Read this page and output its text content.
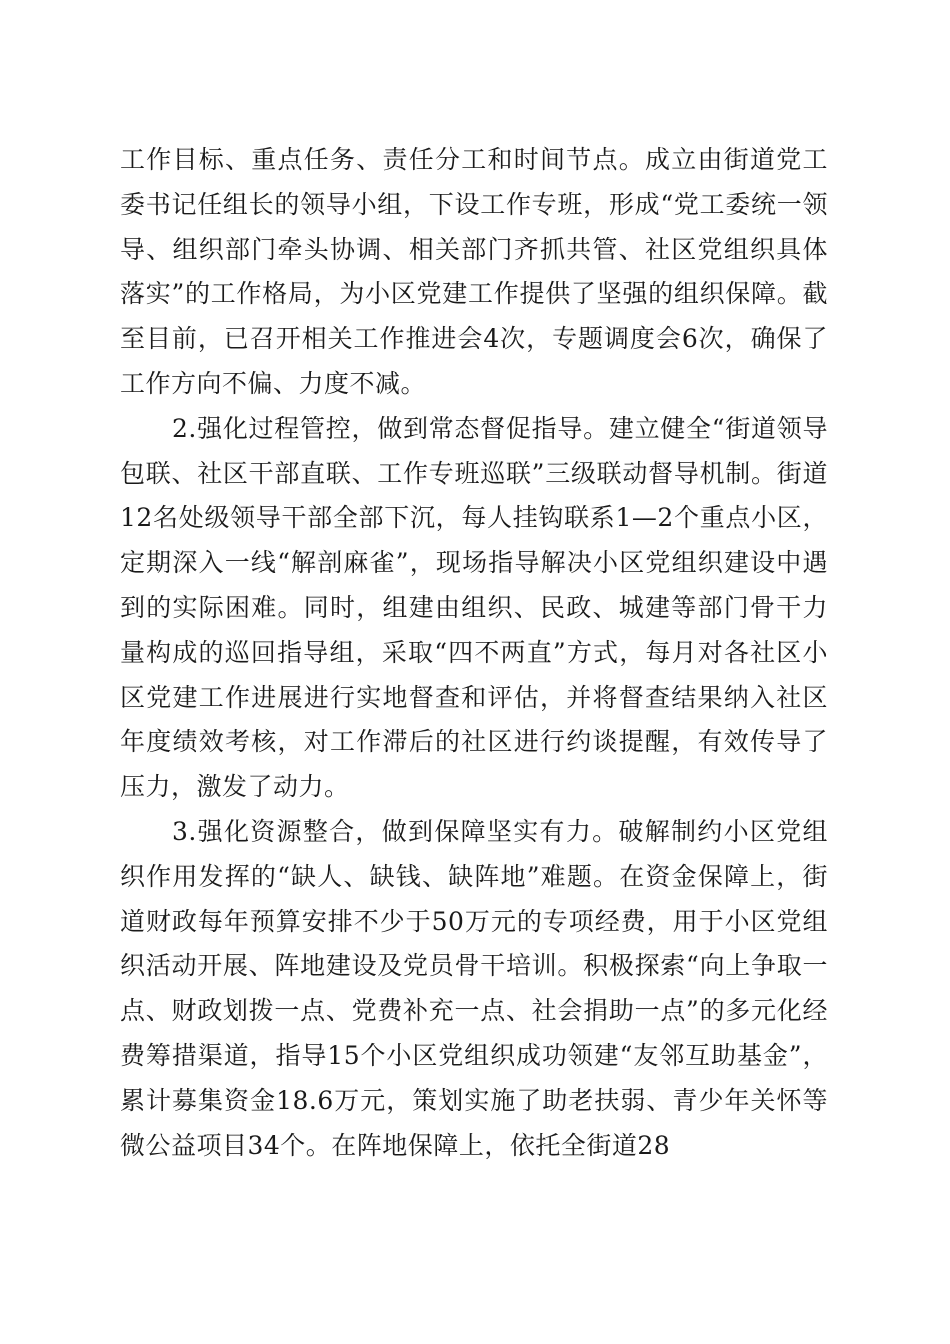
工作目标、重点任务、责任分工和时间节点。成立由街道党工委书记任组长的领导小组，下设工作专班，形成“党工委统一领导、组织部门牵头协调、相关部门齐抓共管、社区党组织具体落实”的工作格局，为小区党建工作提供了坚强的组织保障。截至目前，已召开相关工作推进会4次，专题调度会6次，确保了工作方向不偏、力度不减。

2.强化过程管控，做到常态督促指导。建立健全“街道领导包联、社区干部直联、工作专班巡联”三级联动督导机制。街道12名处级领导干部全部下沉，每人挂钩联系1—2个重点小区，定期深入一线“解剖麻雀”，现场指导解决小区党组织建设中遇到的实际困难。同时，组建由组织、民政、城建等部门骨干力量构成的巡回指导组，采取“四不两直”方式，每月对各社区小区党建工作进展进行实地督查和评估，并将督查结果纳入社区年度绩效考核，对工作滞后的社区进行约谈提醒，有效传导了压力，激发了动力。

3.强化资源整合，做到保障坚实有力。破解制约小区党组织作用发挥的“缺人、缺钱、缺阵地”难题。在资金保障上，街道财政每年预算安排不少于50万元的专项经费，用于小区党组织活动开展、阵地建设及党员骨干培训。积极探索“向上争取一点、财政划拨一点、党费补充一点、社会捐助一点”的多元化经费筹措渠道，指导15个小区党组织成功领建“友邻互助基金”，累计募集资金18.6万元，策划实施了助老扶弱、青少年关怀等微公益项目34个。在阵地保障上，依托全街道28
